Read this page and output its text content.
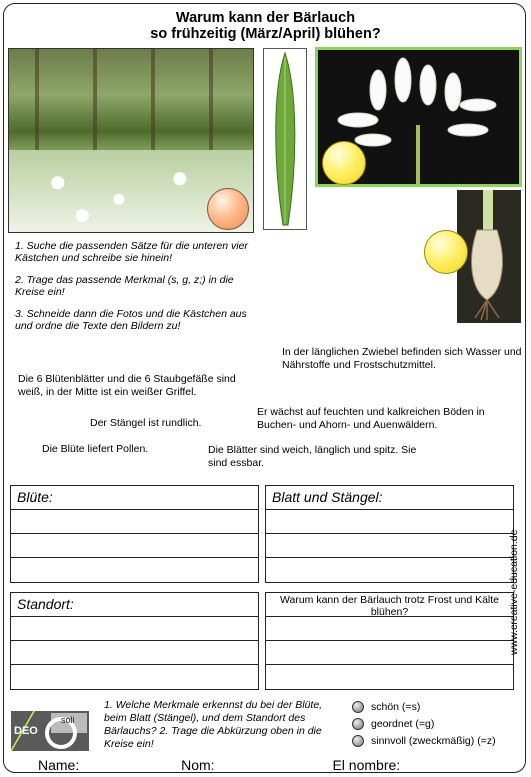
Warum kann der Bärlauch
so frühzeitig (März/April) blühen?

1. Suche die passenden Sätze für die unteren vier Kästchen und schreibe sie hinein!

2. Trage das passende Merkmal (s, g, z;) in die Kreise ein!

3. Schneide dann die Fotos und die Kästchen aus und ordne die Texte den Bildern zu!

In der länglichen Zwiebel befinden sich Wasser und Nährstoffe und Frostschutzmittel.
Die 6 Blütenblätter und die 6 Staubgefäße sind weiß, in der Mitte ist ein weißer Griffel.
Er wächst auf feuchten und kalkreichen Böden in Buchen- und Ahorn- und Auenwäldern.
Der Stängel ist rundlich.
Die Blüte liefert Pollen.	Die Blätter sind weich, länglich und spitz. Sie sind essbar.
Blüte:	Blatt und Stängel:
Standort:	Warum kann der Bärlauch trotz Frost und Kälte blühen?	www.creative-education.de
DEO
soli
1. Welche Merkmale erkennst du bei der Blüte, beim Blatt (Stängel), und dem Standort des Bärlauchs? 2. Trage die Abkürzung oben in die Kreise ein!
schön (=s)
geordnet (=g)
sinnvoll (zweckmäßig) (=z)
Name:	Nom:	El nombre:
